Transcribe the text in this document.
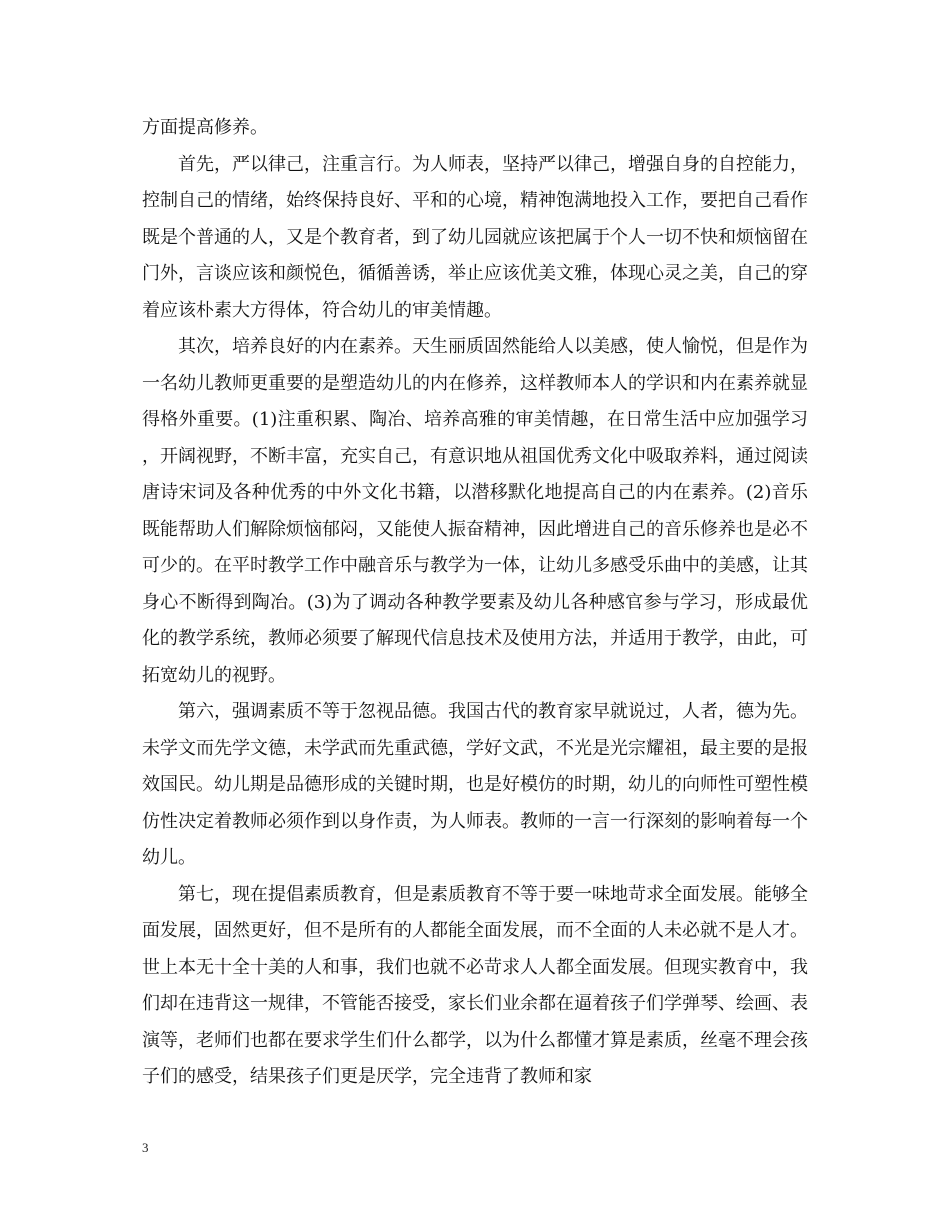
方面提高修养。

首先，严以律己，注重言行。为人师表，坚持严以律己，增强自身的自控能力，控制自己的情绪，始终保持良好、平和的心境，精神饱满地投入工作，要把自己看作既是个普通的人，又是个教育者，到了幼儿园就应该把属于个人一切不快和烦恼留在门外，言谈应该和颜悦色，循循善诱，举止应该优美文雅，体现心灵之美，自己的穿着应该朴素大方得体，符合幼儿的审美情趣。

其次，培养良好的内在素养。天生丽质固然能给人以美感，使人愉悦，但是作为一名幼儿教师更重要的是塑造幼儿的内在修养，这样教师本人的学识和内在素养就显得格外重要。(1)注重积累、陶冶、培养高雅的审美情趣，在日常生活中应加强学习，开阔视野，不断丰富，充实自己，有意识地从祖国优秀文化中吸取养料，通过阅读唐诗宋词及各种优秀的中外文化书籍，以潜移默化地提高自己的内在素养。(2)音乐既能帮助人们解除烦恼郁闷，又能使人振奋精神，因此增进自己的音乐修养也是必不可少的。在平时教学工作中融音乐与教学为一体，让幼儿多感受乐曲中的美感，让其身心不断得到陶冶。(3)为了调动各种教学要素及幼儿各种感官参与学习，形成最优化的教学系统，教师必须要了解现代信息技术及使用方法，并适用于教学，由此，可拓宽幼儿的视野。

第六，强调素质不等于忽视品德。我国古代的教育家早就说过，人者，德为先。未学文而先学文德，未学武而先重武德，学好文武，不光是光宗耀祖，最主要的是报效国民。幼儿期是品德形成的关键时期，也是好模仿的时期，幼儿的向师性可塑性模仿性决定着教师必须作到以身作责，为人师表。教师的一言一行深刻的影响着每一个幼儿。

第七，现在提倡素质教育，但是素质教育不等于要一味地苛求全面发展。能够全面发展，固然更好，但不是所有的人都能全面发展，而不全面的人未必就不是人才。世上本无十全十美的人和事，我们也就不必苛求人人都全面发展。但现实教育中，我们却在违背这一规律，不管能否接受，家长们业余都在逼着孩子们学弹琴、绘画、表演等，老师们也都在要求学生们什么都学，以为什么都懂才算是素质，丝毫不理会孩子们的感受，结果孩子们更是厌学，完全违背了教师和家

3
